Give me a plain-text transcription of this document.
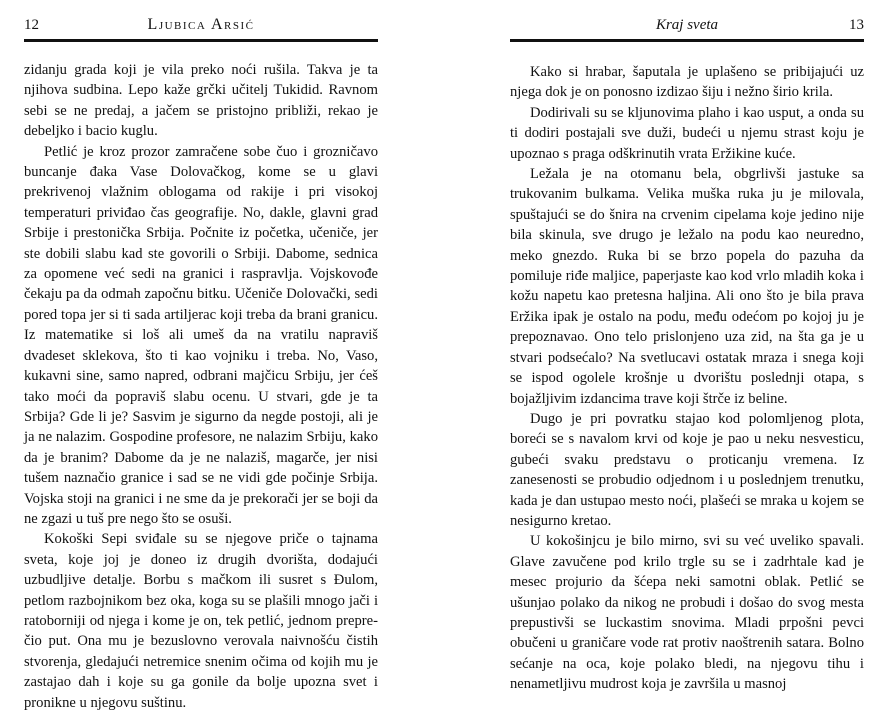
12	Ljubica Arsić

zidanju grada koji je vila preko noći rušila. Takva je ta njihova sudbina. Lepo kaže grčki učitelj Tukidid. Ravnom sebi se ne predaj, a jačem se pristojno približi, rekao je debeljko i bacio kuglu.

Petlić je kroz prozor zamračene sobe čuo i grozničavo buncanje đaka Vase Dolovačkog, kome se u glavi prekrivenoj vlažnim oblogama od rakije i pri visokoj temperaturi priviđao čas geografije. No, dakle, glavni grad Srbije i prestonička Srbija. Počnite iz početka, učeniče, jer ste dobili slabu kad ste govorili o Srbiji. Dabome, sednica za opomene već sedi na granici i raspravlja. Vojskovođe čekaju pa da odmah započnu bitku. Učeniče Dolovački, sedi pored topa jer si ti sada artiljerac koji treba da brani granicu. Iz matematike si loš ali umeš da na vratilu napraviš dvadeset sklekova, što ti kao vojniku i treba. No, Vaso, kukavni sine, samo napred, odbrani majčicu Srbiju, jer ćeš tako moći da popraviš slabu ocenu. U stvari, gde je ta Srbija? Gde li je? Sasvim je sigurno da negde postoji, ali je ja ne nalazim. Gospodine profesore, ne nalazim Srbiju, kako da je branim? Dabome da je ne nalaziš, magarče, jer nisi tušem naznačio granice i sad se ne vidi gde počinje Srbija. Vojska stoji na granici i ne sme da je prekorači jer se boji da ne zgazi u tuš pre nego što se osuši.

Kokoški Sepi sviđale su se njegove priče o tajnama sveta, koje joj je doneo iz drugih dvorišta, dodajući uzbudljive detalje. Borbu s mačkom ili susret s Đulom, petlom razbojnikom bez oka, koga su se plašili mnogo jači i ratoborniji od njega i kome je on, tek petlić, jednom preprečio put. Ona mu je bezuslovno verovala naivnošću čistih stvorenja, gledajući netremice snenim očima od kojih mu je zastajao dah i koje su ga gonile da bolje upozna svet i pronikne u njegovu suštinu.

Kraj sveta	13

Kako si hrabar, šaputala je uplašeno se pribijajući uz njega dok je on ponosno izdizao šiju i nežno širio krila.

Dodirivali su se kljunovima plaho i kao usput, a onda su ti dodiri postajali sve duži, budeći u njemu strast koju je upoznao s praga odškrinutih vrata Eržikine kuće.

Ležala je na otomanu bela, obgrlivši jastuke sa trukovanim bulkama. Velika muška ruka ju je milovala, spuštajući se do šnira na crvenim cipelama koje jedino nije bila skinula, sve drugo je ležalo na podu kao neuredno, meko gnezdo. Ruka bi se brzo popela do pazuha da pomiluje riđe maljice, paperjaste kao kod vrlo mladih koka i kožu napetu kao pretesna haljina. Ali ono što je bila prava Eržika ipak je ostalo na podu, među odećom po kojoj ju je prepoznavao. Ono telo prislonjeno uza zid, na šta ga je u stvari podsećalo? Na svetlucavi ostatak mraza i snega koji se ispod ogolele krošnje u dvorištu poslednji otapa, s bojažljivim izdancima trave koji štrče iz beline.

Dugo je pri povratku stajao kod polomljenog plota, boreći se s navalom krvi od koje je pao u neku nesvesticu, gubeći svaku predstavu o proticanju vremena. Iz zanesenosti se probudio odjednom i u poslednjem trenutku, kada je dan ustupao mesto noći, plašeći se mraka u kojem se nesigurno kretao.

U kokošinjcu je bilo mirno, svi su već uveliko spavali. Glave zavučene pod krilo trgle su se i zadrhtale kad je mesec projurio da šćepa neki samotni oblak. Petlić se ušunjao polako da nikog ne probudi i došao do svog mesta prepustivši se luckastim snovima. Mladi prpošni pevci obučeni u graničare vode rat protiv naoštrenih satara. Bolno sećanje na oca, koje polako bledi, na njegovu tihu i nenametljivu mudrost koja je završila u masnoj
